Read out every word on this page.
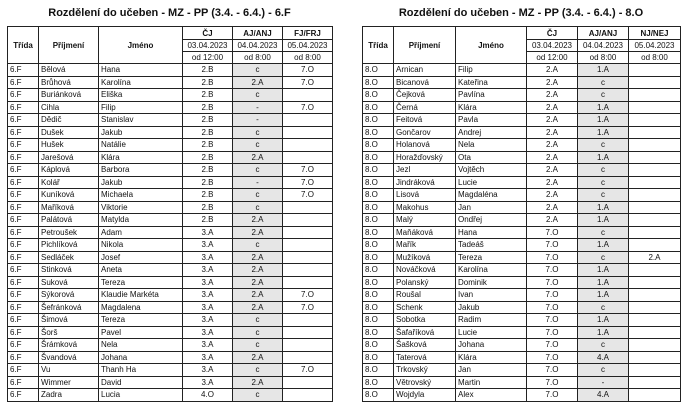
Rozdělení do učeben - MZ - PP (3.4. - 6.4.) - 6.F
Třída	Příjmení	Jméno	ČJ	AJ/ANJ	FJ/FRJ
			03.04.2023	04.04.2023	05.04.2023
			od 12:00	od 8:00	od 8:00
6.F	Bělová	Hana	2.B	c	7.O
6.F	Brůhová	Karolína	2.B	2.A	7.O
6.F	Buriánková	Eliška	2.B	c	
6.F	Cihla	Filip	2.B	-	7.O
6.F	Dědič	Stanislav	2.B	-	
6.F	Dušek	Jakub	2.B	c	
6.F	Hušek	Natálie	2.B	c	
6.F	Jarešová	Klára	2.B	2.A	
6.F	Káplová	Barbora	2.B	c	7.O
6.F	Kolář	Jakub	2.B	-	7.O
6.F	Kuníková	Michaela	2.B	c	7.O
6.F	Maříková	Viktorie	2.B	c	
6.F	Palátová	Matylda	2.B	2.A	
6.F	Petroušek	Adam	3.A	2.A	
6.F	Pichlíková	Nikola	3.A	c	
6.F	Sedláček	Josef	3.A	2.A	
6.F	Stinková	Aneta	3.A	2.A	
6.F	Suková	Tereza	3.A	2.A	
6.F	Sýkorová	Klaudie Markéta	3.A	2.A	7.O
6.F	Šefránková	Magdalena	3.A	2.A	7.O
6.F	Šimová	Tereza	3.A	c	
6.F	Šorš	Pavel	3.A	c	
6.F	Šrámková	Nela	3.A	c	
6.F	Švandová	Johana	3.A	2.A	
6.F	Vu	Thanh Ha	3.A	c	7.O
6.F	Wimmer	David	3.A	2.A	
6.F	Zadra	Lucia	4.O	c	
Rozdělení do učeben - MZ - PP (3.4. - 6.4.) - 8.O
Třída	Příjmení	Jméno	ČJ	AJ/ANJ	NJ/NEJ
			03.04.2023	04.04.2023	05.04.2023
			od 12:00	od 8:00	od 8:00
8.O	Arnican	Filip	2.A	1.A	
8.O	Bicanová	Kateřina	2.A	c	
8.O	Čejková	Pavlína	2.A	c	
8.O	Černá	Klára	2.A	1.A	
8.O	Feitová	Pavla	2.A	1.A	
8.O	Gončarov	Andrej	2.A	1.A	
8.O	Holanová	Nela	2.A	c	
8.O	Horažďovský	Ota	2.A	1.A	
8.O	Jezl	Vojtěch	2.A	c	
8.O	Jindráková	Lucie	2.A	c	
8.O	Lisová	Magdaléna	2.A	c	
8.O	Makohus	Jan	2.A	1.A	
8.O	Malý	Ondřej	2.A	1.A	
8.O	Maňáková	Hana	7.O	c	
8.O	Mařík	Tadeáš	7.O	1.A	
8.O	Mužíková	Tereza	7.O	c	2.A
8.O	Nováčková	Karolína	7.O	1.A	
8.O	Polanský	Dominik	7.O	1.A	
8.O	Roušal	Ivan	7.O	1.A	
8.O	Schenk	Jakub	7.O	c	
8.O	Sobotka	Radim	7.O	1.A	
8.O	Šafaříková	Lucie	7.O	1.A	
8.O	Šašková	Johana	7.O	c	
8.O	Taterová	Klára	7.O	4.A	
8.O	Trkovský	Jan	7.O	c	
8.O	Větrovský	Martin	7.O	-	
8.O	Wojdyla	Alex	7.O	4.A	
